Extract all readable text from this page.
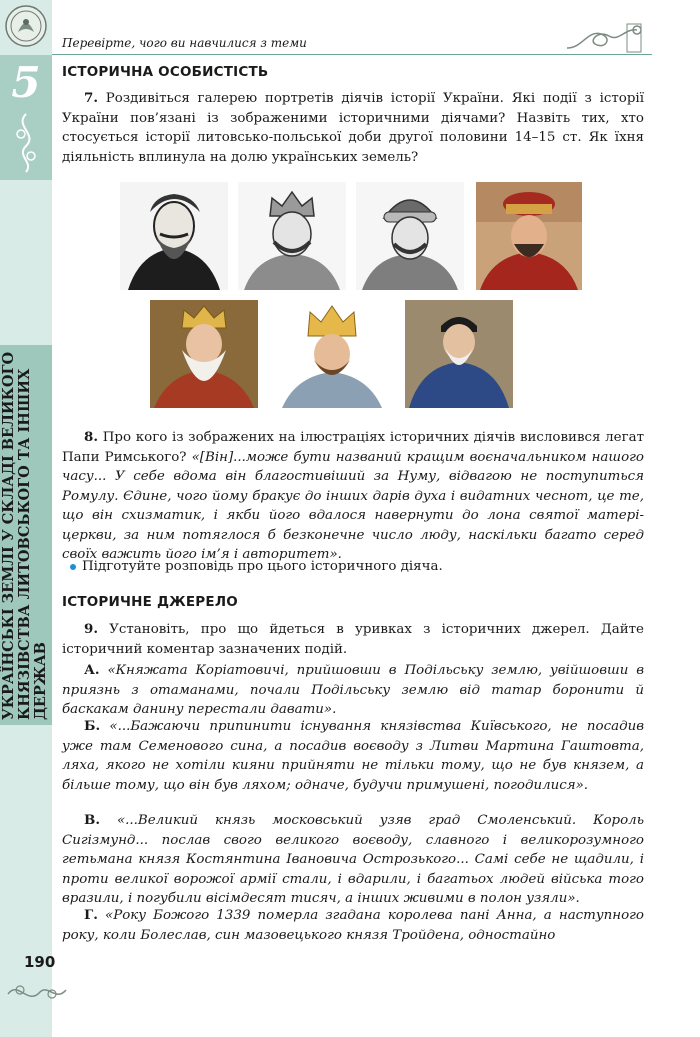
5
УКРАЇНСЬКІ ЗЕМЛІ У СКЛАДІ ВЕЛИКОГО КНЯЗІВСТВА ЛИТОВСЬКОГО ТА ІНШИХ ДЕРЖАВ
Перевірте, чого ви навчилися з теми

ІСТОРИЧНА ОСОБИСТІСТЬ

7. Роздивіться галерею портретів діячів історії України. Які події з історії України пов’язані із зображеними історичними діячами? Назвіть тих, хто стосується історії литовсько-польської доби другої половини 14–15 ст. Як їхня діяльність вплинула на долю українських земель?

8. Про кого із зображених на ілюстраціях історичних діячів висловився легат Папи Римського? «[Він]...може бути названий кращим воєначальником нашого часу... У себе вдома він благостивіший за Нуму, відвагою не поступиться Ромулу. Єдине, чого йому бракує до інших дарів духа і видатних чеснот, це те, що він схизматик, і якби його вдалося навернути до лона святої матері-церкви, за ним потяглося б безконечне число люду, наскільки багато серед своїх важить його ім’я і авторитет».

Підготуйте розповідь про цього історичного діяча.

ІСТОРИЧНЕ ДЖЕРЕЛО

9. Установіть, про що йдеться в уривках з історичних джерел. Дайте історичний коментар зазначених подій.

А. «Княжата Коріатовичі, прийшовши в Подільську землю, увійшовши в приязнь з отаманами, почали Подільську землю від татар боронити й баскакам данину перестали давати».

Б. «...Бажаючи припинити існування князівства Київського, не посадив уже там Семенового сина, а посадив воєводу з Литви Мартина Гаштовта, ляха, якого не хотіли кияни прийняти не тільки тому, що не був князем, а більше тому, що він був ляхом; одначе, будучи примушені, погодилися».

В. «...Великий князь московський узяв град Смоленський. Король Сигізмунд... послав свого великого воєводу, славного і великорозумного гетьмана князя Костянтина Івановича Острозького... Самі себе не щадили, і проти великої ворожої армії стали, і вдарили, і багатьох людей війська того вразили, і погубили вісімдесят тисяч, а інших живими в полон узяли».

Г. «Року Божого 1339 померла згадана королева пані Анна, а наступного року, коли Болеслав, син мазовецького князя Тройдена, одностайно

190
